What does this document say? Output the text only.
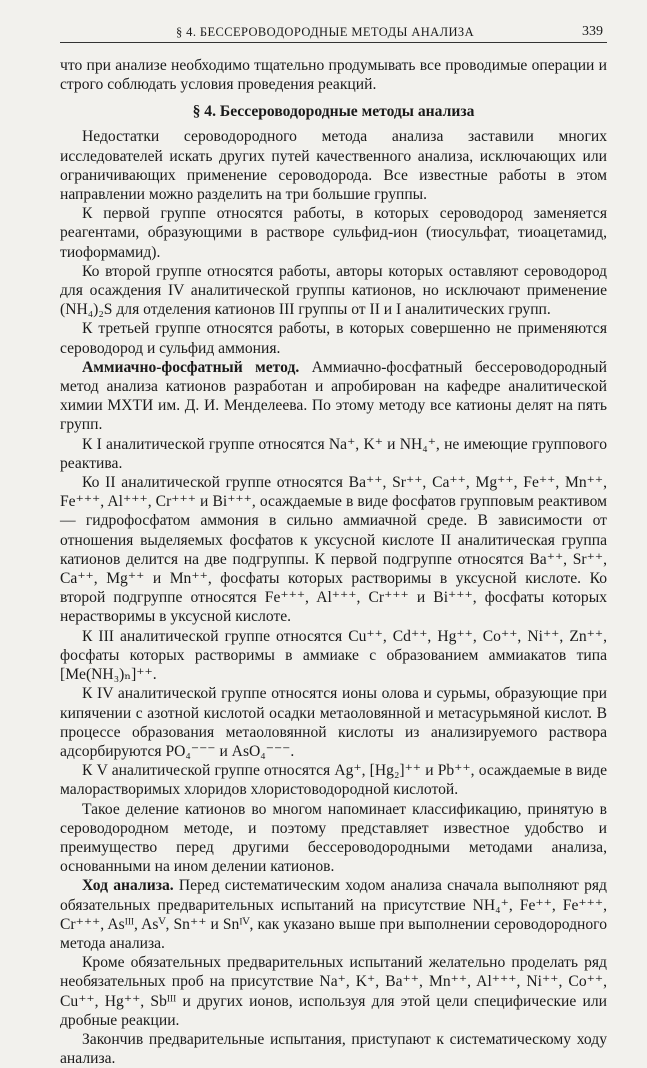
§ 4. БЕССЕРОВОДОРОДНЫЕ МЕТОДЫ АНАЛИЗА	339

что при анализе необходимо тщательно продумывать все проводимые операции и строго соблюдать условия проведения реакций.

§ 4. Бессероводородные методы анализа

Недостатки сероводородного метода анализа заставили многих исследователей искать других путей качественного анализа, исключающих или ограничивающих применение сероводорода. Все известные работы в этом направлении можно разделить на три большие группы.

К первой группе относятся работы, в которых сероводород заменяется реагентами, образующими в растворе сульфид-ион (тиосульфат, тиоацетамид, тиоформамид).

Ко второй группе относятся работы, авторы которых оставляют сероводород для осаждения IV аналитической группы катионов, но исключают применение (NH₄)₂S для отделения катионов III группы от II и I аналитических групп.

К третьей группе относятся работы, в которых совершенно не применяются сероводород и сульфид аммония.

Аммиачно-фосфатный метод. Аммиачно-фосфатный бессероводородный метод анализа катионов разработан и апробирован на кафедре аналитической химии МХТИ им. Д. И. Менделеева. По этому методу все катионы делят на пять групп.

К I аналитической группе относятся Na⁺, K⁺ и NH₄⁺, не имеющие группового реактива.

Ко II аналитической группе относятся Ba⁺⁺, Sr⁺⁺, Ca⁺⁺, Mg⁺⁺, Fe⁺⁺, Mn⁺⁺, Fe⁺⁺⁺, Al⁺⁺⁺, Cr⁺⁺⁺ и Bi⁺⁺⁺, осаждаемые в виде фосфатов групповым реактивом — гидрофосфатом аммония в сильно аммиачной среде. В зависимости от отношения выделяемых фосфатов к уксусной кислоте II аналитическая группа катионов делится на две подгруппы. К первой подгруппе относятся Ba⁺⁺, Sr⁺⁺, Ca⁺⁺, Mg⁺⁺ и Mn⁺⁺, фосфаты которых растворимы в уксусной кислоте. Ко второй подгруппе относятся Fe⁺⁺⁺, Al⁺⁺⁺, Cr⁺⁺⁺ и Bi⁺⁺⁺, фосфаты которых нерастворимы в уксусной кислоте.

К III аналитической группе относятся Cu⁺⁺, Cd⁺⁺, Hg⁺⁺, Co⁺⁺, Ni⁺⁺, Zn⁺⁺, фосфаты которых растворимы в аммиаке с образованием аммиакатов типа [Me(NH₃)ₙ]⁺⁺.

К IV аналитической группе относятся ионы олова и сурьмы, образующие при кипячении с азотной кислотой осадки метаоловянной и метасурьмяной кислот. В процессе образования метаоловянной кислоты из анализируемого раствора адсорбируются PO₄⁻⁻⁻ и AsO₄⁻⁻⁻.

К V аналитической группе относятся Ag⁺, [Hg₂]⁺⁺ и Pb⁺⁺, осаждаемые в виде малорастворимых хлоридов хлористоводородной кислотой.

Такое деление катионов во многом напоминает классификацию, принятую в сероводородном методе, и поэтому представляет известное удобство и преимущество перед другими бессероводородными методами анализа, основанными на ином делении катионов.

Ход анализа. Перед систематическим ходом анализа сначала выполняют ряд обязательных предварительных испытаний на присутствие NH₄⁺, Fe⁺⁺, Fe⁺⁺⁺, Cr⁺⁺⁺, Asᴵᴵᴵ, Asⱽ, Sn⁺⁺ и Snᴵⱽ, как указано выше при выполнении сероводородного метода анализа.

Кроме обязательных предварительных испытаний желательно проделать ряд необязательных проб на присутствие Na⁺, K⁺, Ba⁺⁺, Mn⁺⁺, Al⁺⁺⁺, Ni⁺⁺, Co⁺⁺, Cu⁺⁺, Hg⁺⁺, Sbᴵᴵᴵ и других ионов, используя для этой цели специфические или дробные реакции.

Закончив предварительные испытания, приступают к систематическому ходу анализа.
